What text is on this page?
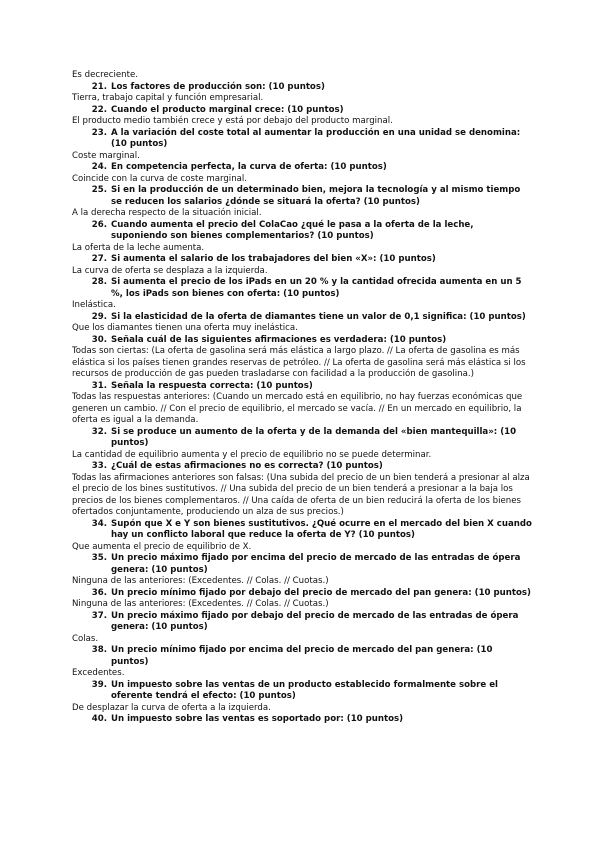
Es decreciente.
21. Los factores de producción son: (10 puntos)
Tierra, trabajo capital y función empresarial.
22. Cuando el producto marginal crece: (10 puntos)
El producto medio también crece y está por debajo del producto marginal.
23. A la variación del coste total al aumentar la producción en una unidad se denomina: (10 puntos)
Coste marginal.
24. En competencia perfecta, la curva de oferta: (10 puntos)
Coincide con la curva de coste marginal.
25. Si en la producción de un determinado bien, mejora la tecnología y al mismo tiempo se reducen los salarios ¿dónde se situará la oferta? (10 puntos)
A la derecha respecto de la situación inicial.
26. Cuando aumenta el precio del ColaCao ¿qué le pasa a la oferta de la leche, suponiendo son bienes complementarios? (10 puntos)
La oferta de la leche aumenta.
27. Si aumenta el salario de los trabajadores del bien «X»: (10 puntos)
La curva de oferta se desplaza a la izquierda.
28. Si aumenta el precio de los iPads en un 20 % y la cantidad ofrecida aumenta en un 5 %, los iPads son bienes con oferta: (10 puntos)
Inelástica.
29. Si la elasticidad de la oferta de diamantes tiene un valor de 0,1 significa: (10 puntos)
Que los diamantes tienen una oferta muy inelástica.
30. Señala cuál de las siguientes afirmaciones es verdadera: (10 puntos)
Todas son ciertas: (La oferta de gasolina será más elástica a largo plazo. // La oferta de gasolina es más elástica si los países tienen grandes reservas de petróleo. // La oferta de gasolina será más elástica si los recursos de producción de gas pueden trasladarse con facilidad a la producción de gasolina.)
31. Señala la respuesta correcta: (10 puntos)
Todas las respuestas anteriores: (Cuando un mercado está en equilibrio, no hay fuerzas económicas que generen un cambio. // Con el precio de equilibrio, el mercado se vacía. // En un mercado en equilibrio, la oferta es igual a la demanda.
32. Si se produce un aumento de la oferta y de la demanda del «bien mantequilla»: (10 puntos)
La cantidad de equilibrio aumenta y el precio de equilibrio no se puede determinar.
33. ¿Cuál de estas afirmaciones no es correcta? (10 puntos)
Todas las afirmaciones anteriores son falsas: (Una subida del precio de un bien tenderá a presionar al alza el precio de los bines sustitutivos. // Una subida del precio de un bien tenderá a presionar a la baja los precios de los bienes complementaros. // Una caída de oferta de un bien reducirá la oferta de los bienes ofertados conjuntamente, produciendo un alza de sus precios.)
34. Supón que X e Y son bienes sustitutivos. ¿Qué ocurre en el mercado del bien X cuando hay un conflicto laboral que reduce la oferta de Y? (10 puntos)
Que aumenta el precio de equilibrio de X.
35. Un precio máximo fijado por encima del precio de mercado de las entradas de ópera genera: (10 puntos)
Ninguna de las anteriores: (Excedentes. // Colas. // Cuotas.)
36. Un precio mínimo fijado por debajo del precio de mercado del pan genera: (10 puntos)
Ninguna de las anteriores: (Excedentes. // Colas. // Cuotas.)
37. Un precio máximo fijado por debajo del precio de mercado de las entradas de ópera genera: (10 puntos)
Colas.
38. Un precio mínimo fijado por encima del precio de mercado del pan genera: (10 puntos)
Excedentes.
39. Un impuesto sobre las ventas de un producto establecido formalmente sobre el oferente tendrá el efecto: (10 puntos)
De desplazar la curva de oferta a la izquierda.
40. Un impuesto sobre las ventas es soportado por: (10 puntos)
